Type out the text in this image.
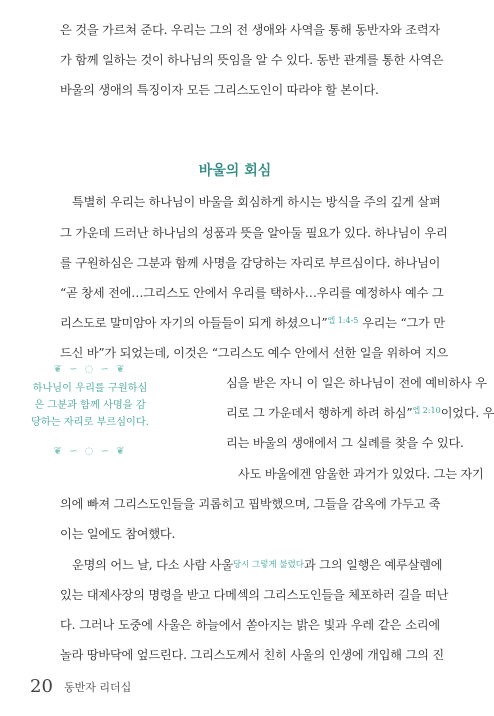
은 것을 가르쳐 준다. 우리는 그의 전 생애와 사역을 통해 동반자와 조력자
가 함께 일하는 것이 하나님의 뜻임을 알 수 있다. 동반 관계를 통한 사역은
바울의 생애의 특징이자 모든 그리스도인이 따라야 할 본이다.
바울의 회심
특별히 우리는 하나님이 바울을 회심하게 하시는 방식을 주의 깊게 살펴
그 가운데 드러난 하나님의 성품과 뜻을 알아둘 필요가 있다. 하나님이 우리
를 구원하심은 그분과 함께 사명을 감당하는 자리로 부르심이다. 하나님이
“곧 창세 전에…그리스도 안에서 우리를 택하사…우리를 예정하사 예수 그
리스도로 말미암아 자기의 아들들이 되게 하셨으니”$^{엡 1:4-5}$ 우리는 “그가 만
드신 바”가 되었는데, 이것은 “그리스도 예수 안에서 선한 일을 위하여 지으
심을 받은 자니 이 일은 하나님이 전에 예비하사 우
리로 그 가운데서 행하게 하려 하심”$^{엡 2:10}$이었다. 우
리는 바울의 생애에서 그 실례를 찾을 수 있다.
사도 바울에겐 암울한 과거가 있었다. 그는 자기
의에 빠져 그리스도인들을 괴롭히고 핍박했으며, 그들을 감옥에 가두고 죽
이는 일에도 참여했다.
운명의 어느 날, 다소 사람 사울당시 그렇게 불렸다과 그의 일행은 예루살렘에
있는 대제사장의 명령을 받고 다메섹의 그리스도인들을 체포하러 길을 떠난
다. 그러나 도중에 사울은 하늘에서 쏟아지는 밝은 빛과 우레 같은 소리에
놀라 땅바닥에 엎드린다. 그리스도께서 친히 사울의 인생에 개입해 그의 진
❦ ∽ ◌ ∽ ❦
하나님이 우리를 구원하심
은 그분과 함께 사명을 감
당하는 자리로 부르심이다.
❦ ∽ ◌ ∽ ❦
20 동반자 리더십
